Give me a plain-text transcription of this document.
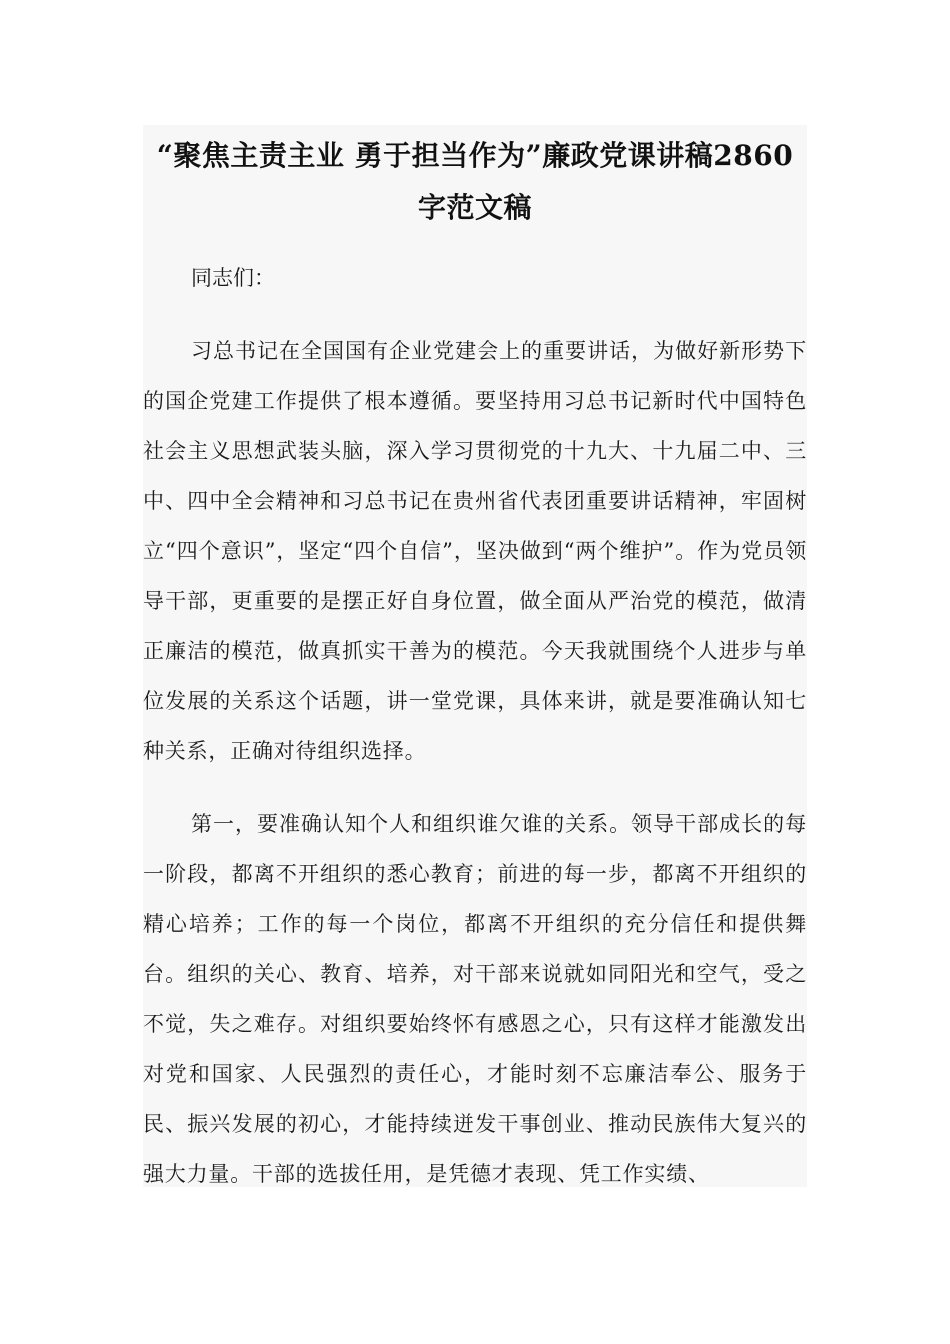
“聚焦主责主业 勇于担当作为”廉政党课讲稿2860字范文稿

同志们：

习总书记在全国国有企业党建会上的重要讲话，为做好新形势下的国企党建工作提供了根本遵循。要坚持用习总书记新时代中国特色社会主义思想武装头脑，深入学习贯彻党的十九大、十九届二中、三中、四中全会精神和习总书记在贵州省代表团重要讲话精神，牢固树立“四个意识”，坚定“四个自信”，坚决做到“两个维护”。作为党员领导干部，更重要的是摆正好自身位置，做全面从严治党的模范，做清正廉洁的模范，做真抓实干善为的模范。今天我就围绕个人进步与单位发展的关系这个话题，讲一堂党课，具体来讲，就是要准确认知七种关系，正确对待组织选择。

第一，要准确认知个人和组织谁欠谁的关系。领导干部成长的每一阶段，都离不开组织的悉心教育；前进的每一步，都离不开组织的精心培养；工作的每一个岗位，都离不开组织的充分信任和提供舞台。组织的关心、教育、培养，对干部来说就如同阳光和空气，受之不觉，失之难存。对组织要始终怀有感恩之心，只有这样才能激发出对党和国家、人民强烈的责任心，才能时刻不忘廉洁奉公、服务于民、振兴发展的初心，才能持续迸发干事创业、推动民族伟大复兴的强大力量。干部的选拔任用，是凭德才表现、凭工作实绩、
